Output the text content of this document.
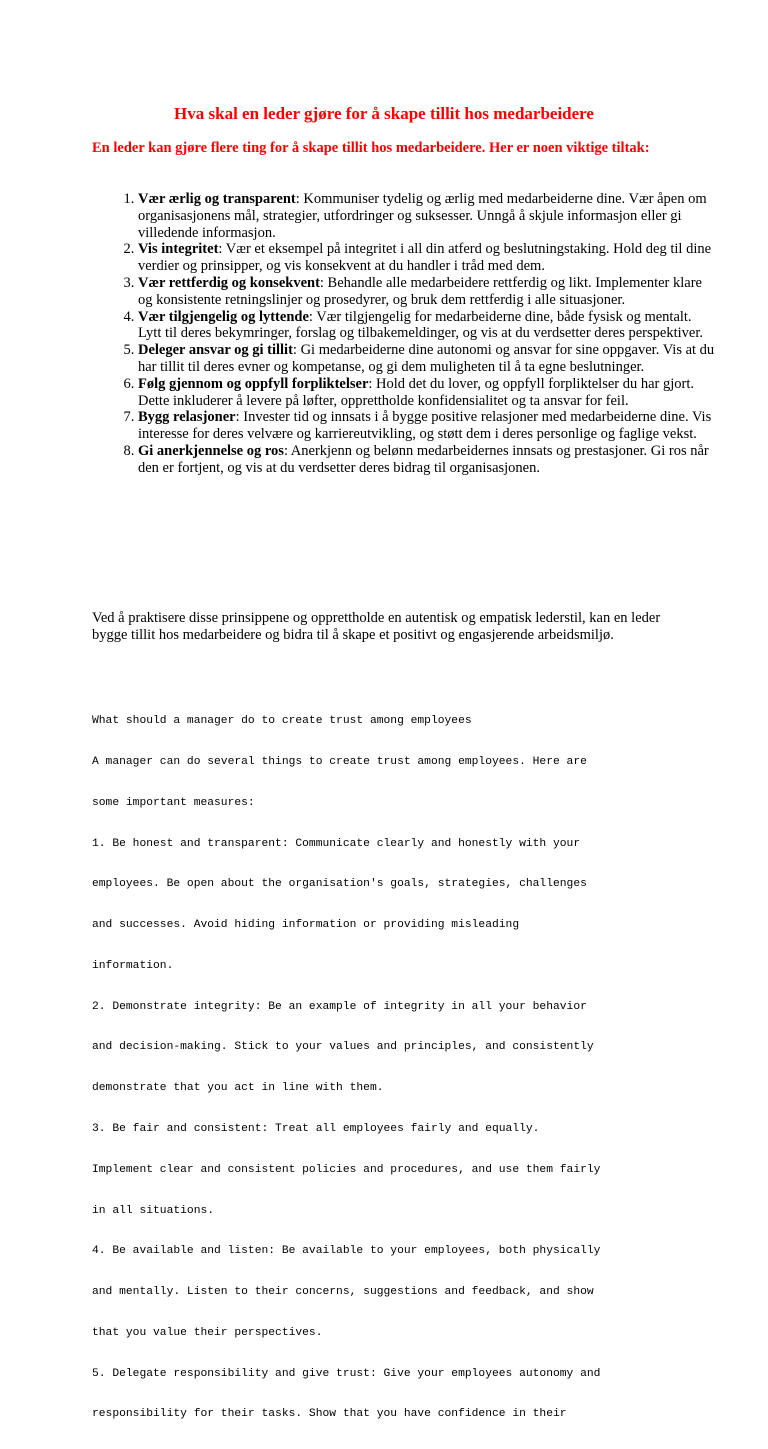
Hva skal en leder gjøre for å skape tillit hos medarbeidere

En leder kan gjøre flere ting for å skape tillit hos medarbeidere. Her er noen viktige tiltak:

1. Vær ærlig og transparent: Kommuniser tydelig og ærlig med medarbeiderne dine. Vær åpen om organisasjonens mål, strategier, utfordringer og suksesser. Unngå å skjule informasjon eller gi villedende informasjon.
2. Vis integritet: Vær et eksempel på integritet i all din atferd og beslutningstaking. Hold deg til dine verdier og prinsipper, og vis konsekvent at du handler i tråd med dem.
3. Vær rettferdig og konsekvent: Behandle alle medarbeidere rettferdig og likt. Implementer klare og konsistente retningslinjer og prosedyrer, og bruk dem rettferdig i alle situasjoner.
4. Vær tilgjengelig og lyttende: Vær tilgjengelig for medarbeiderne dine, både fysisk og mentalt. Lytt til deres bekymringer, forslag og tilbakemeldinger, og vis at du verdsetter deres perspektiver.
5. Deleger ansvar og gi tillit: Gi medarbeiderne dine autonomi og ansvar for sine oppgaver. Vis at du har tillit til deres evner og kompetanse, og gi dem muligheten til å ta egne beslutninger.
6. Følg gjennom og oppfyll forpliktelser: Hold det du lover, og oppfyll forpliktelser du har gjort. Dette inkluderer å levere på løfter, opprettholde konfidensialitet og ta ansvar for feil.
7. Bygg relasjoner: Invester tid og innsats i å bygge positive relasjoner med medarbeiderne dine. Vis interesse for deres velvære og karriereutvikling, og støtt dem i deres personlige og faglige vekst.
8. Gi anerkjennelse og ros: Anerkjenn og belønn medarbeidernes innsats og prestasjoner. Gi ros når den er fortjent, og vis at du verdsetter deres bidrag til organisasjonen.

Ved å praktisere disse prinsippene og opprettholde en autentisk og empatisk lederstil, kan en leder bygge tillit hos medarbeidere og bidra til å skape et positivt og engasjerende arbeidsmiljø.

What should a manager do to create trust among employees

A manager can do several things to create trust among employees. Here are

some important measures:

1. Be honest and transparent: Communicate clearly and honestly with your

employees. Be open about the organisation's goals, strategies, challenges

and successes. Avoid hiding information or providing misleading

information.

2. Demonstrate integrity: Be an example of integrity in all your behavior

and decision-making. Stick to your values and principles, and consistently

demonstrate that you act in line with them.

3. Be fair and consistent: Treat all employees fairly and equally.

Implement clear and consistent policies and procedures, and use them fairly

in all situations.

4. Be available and listen: Be available to your employees, both physically

and mentally. Listen to their concerns, suggestions and feedback, and show

that you value their perspectives.

5. Delegate responsibility and give trust: Give your employees autonomy and

responsibility for their tasks. Show that you have confidence in their
